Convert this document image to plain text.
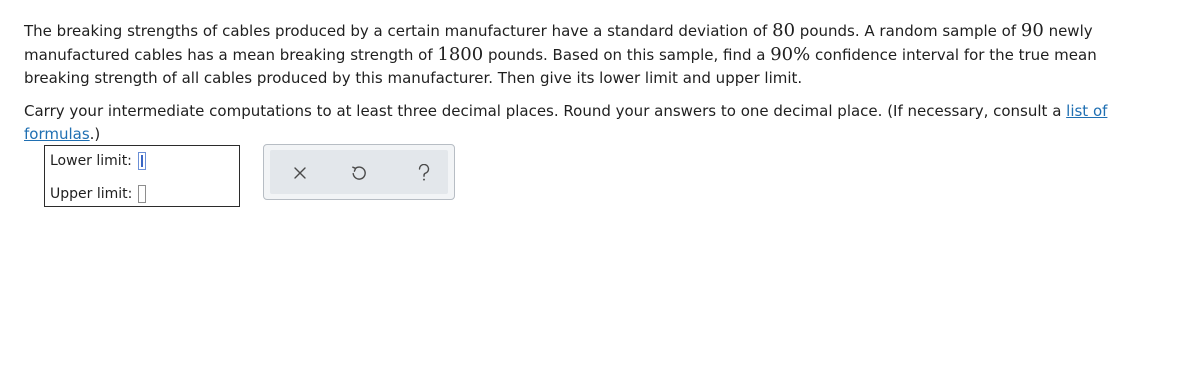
The breaking strengths of cables produced by a certain manufacturer have a standard deviation of 80 pounds. A random sample of 90 newly manufactured cables has a mean breaking strength of 1800 pounds. Based on this sample, find a 90% confidence interval for the true mean breaking strength of all cables produced by this manufacturer. Then give its lower limit and upper limit.

Carry your intermediate computations to at least three decimal places. Round your answers to one decimal place. (If necessary, consult a list of formulas.)

Lower limit:
Upper limit:
